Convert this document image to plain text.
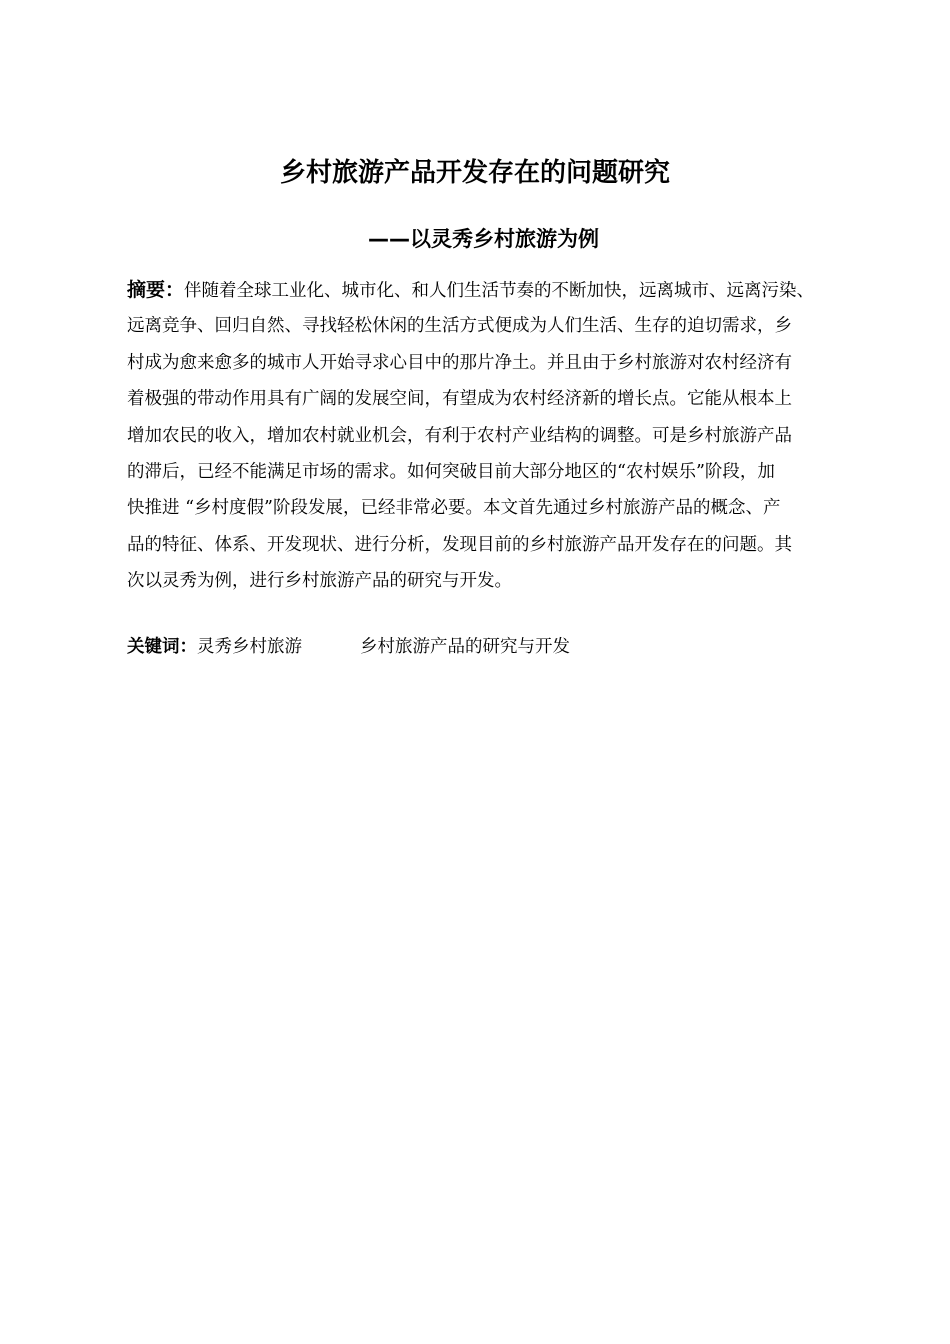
乡村旅游产品开发存在的问题研究
——以灵秀乡村旅游为例
摘要：伴随着全球工业化、城市化、和人们生活节奏的不断加快，远离城市、远离污染、
远离竞争、回归自然、寻找轻松休闲的生活方式便成为人们生活、生存的迫切需求，乡
村成为愈来愈多的城市人开始寻求心目中的那片净土。并且由于乡村旅游对农村经济有
着极强的带动作用具有广阔的发展空间，有望成为农村经济新的增长点。它能从根本上
增加农民的收入，增加农村就业机会，有利于农村产业结构的调整。可是乡村旅游产品
的滞后，已经不能满足市场的需求。如何突破目前大部分地区的“农村娱乐”阶段，加
快推进 “乡村度假”阶段发展，已经非常必要。本文首先通过乡村旅游产品的概念、产
品的特征、体系、开发现状、进行分析，发现目前的乡村旅游产品开发存在的问题。其
次以灵秀为例，进行乡村旅游产品的研究与开发。
关键词：灵秀乡村旅游	乡村旅游产品的研究与开发
